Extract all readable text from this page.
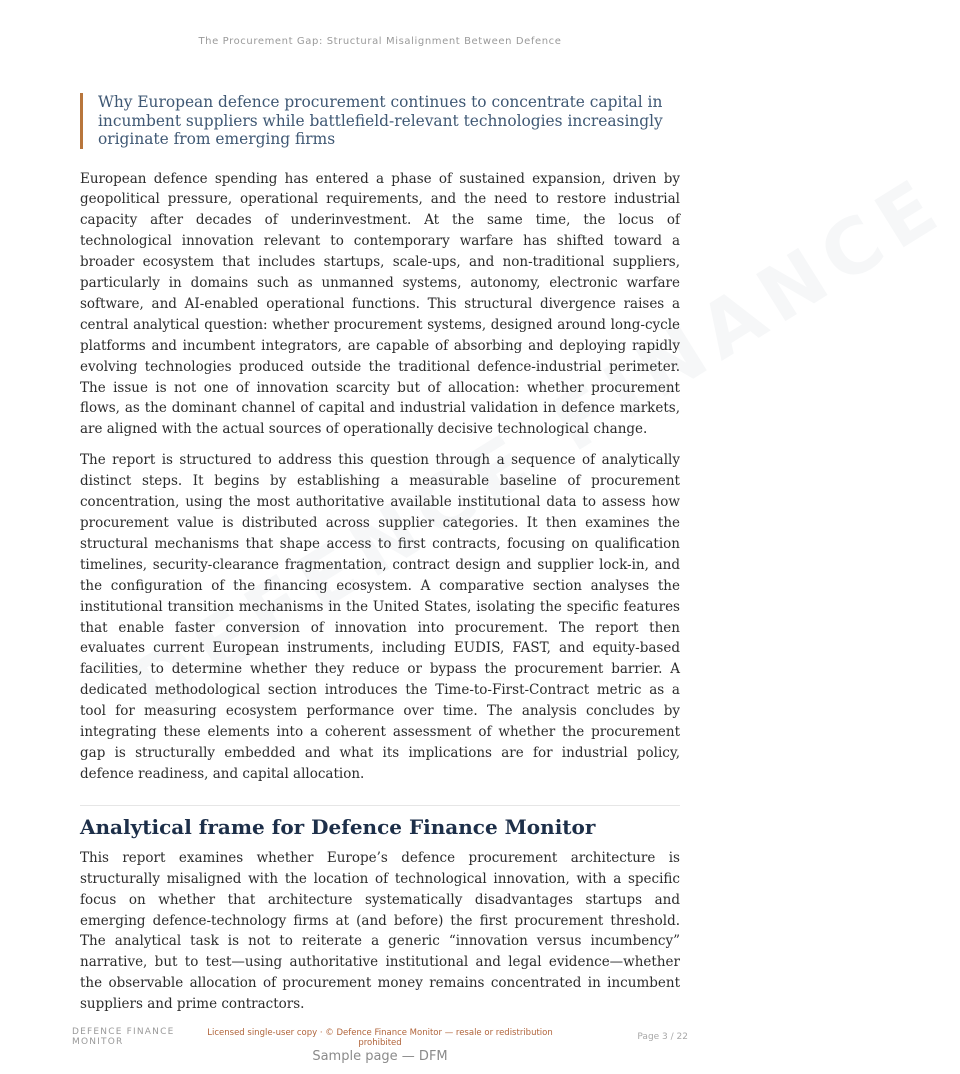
The Procurement Gap: Structural Misalignment Between Defence
Why European defence procurement continues to concentrate capital in incumbent suppliers while battlefield-relevant technologies increasingly originate from emerging firms

European defence spending has entered a phase of sustained expansion, driven by geopolitical pressure, operational requirements, and the need to restore industrial capacity after decades of underinvestment. At the same time, the locus of technological innovation relevant to contemporary warfare has shifted toward a broader ecosystem that includes startups, scale-ups, and non-traditional suppliers, particularly in domains such as unmanned systems, autonomy, electronic warfare software, and AI-enabled operational functions. This structural divergence raises a central analytical question: whether procurement systems, designed around long-cycle platforms and incumbent integrators, are capable of absorbing and deploying rapidly evolving technologies produced outside the traditional defence-industrial perimeter. The issue is not one of innovation scarcity but of allocation: whether procurement flows, as the dominant channel of capital and industrial validation in defence markets, are aligned with the actual sources of operationally decisive technological change.

The report is structured to address this question through a sequence of analytically distinct steps. It begins by establishing a measurable baseline of procurement concentration, using the most authoritative available institutional data to assess how procurement value is distributed across supplier categories. It then examines the structural mechanisms that shape access to first contracts, focusing on qualification timelines, security-clearance fragmentation, contract design and supplier lock-in, and the configuration of the financing ecosystem. A comparative section analyses the institutional transition mechanisms in the United States, isolating the specific features that enable faster conversion of innovation into procurement. The report then evaluates current European instruments, including EUDIS, FAST, and equity-based facilities, to determine whether they reduce or bypass the procurement barrier. A dedicated methodological section introduces the Time-to-First-Contract metric as a tool for measuring ecosystem performance over time. The analysis concludes by integrating these elements into a coherent assessment of whether the procurement gap is structurally embedded and what its implications are for industrial policy, defence readiness, and capital allocation.

Analytical frame for Defence Finance Monitor

This report examines whether Europe’s defence procurement architecture is structurally misaligned with the location of technological innovation, with a specific focus on whether that architecture systematically disadvantages startups and emerging defence-technology firms at (and before) the first procurement threshold. The analytical task is not to reiterate a generic “innovation versus incumbency” narrative, but to test—using authoritative institutional and legal evidence—whether the observable allocation of procurement money remains concentrated in incumbent suppliers and prime contractors.

DEFENCE FINANCE
MONITOR
Licensed single-user copy · © Defence Finance Monitor — resale or redistribution prohibited
Page 3 / 22
Sample page — DFM
